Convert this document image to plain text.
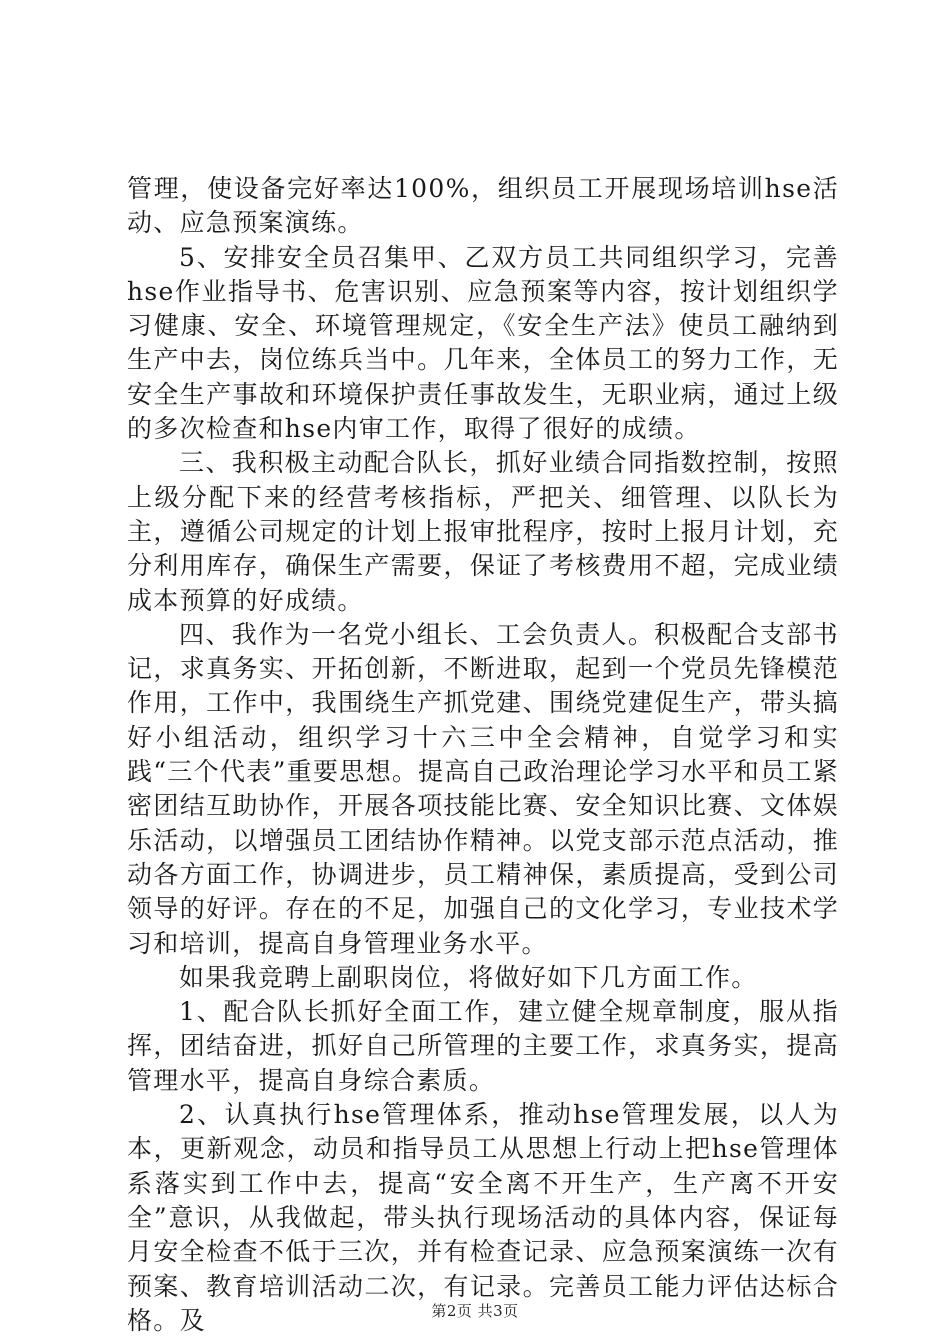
管理，使设备完好率达100%，组织员工开展现场培训hse活动、应急预案演练。

5、安排安全员召集甲、乙双方员工共同组织学习，完善hse作业指导书、危害识别、应急预案等内容，按计划组织学习健康、安全、环境管理规定，《安全生产法》使员工融纳到生产中去，岗位练兵当中。几年来，全体员工的努力工作，无安全生产事故和环境保护责任事故发生，无职业病，通过上级的多次检查和hse内审工作，取得了很好的成绩。

三、我积极主动配合队长，抓好业绩合同指数控制，按照上级分配下来的经营考核指标，严把关、细管理、以队长为主，遵循公司规定的计划上报审批程序，按时上报月计划，充分利用库存，确保生产需要，保证了考核费用不超，完成业绩成本预算的好成绩。

四、我作为一名党小组长、工会负责人。积极配合支部书记，求真务实、开拓创新，不断进取，起到一个党员先锋模范作用，工作中，我围绕生产抓党建、围绕党建促生产，带头搞好小组活动，组织学习十六三中全会精神，自觉学习和实践“三个代表”重要思想。提高自己政治理论学习水平和员工紧密团结互助协作，开展各项技能比赛、安全知识比赛、文体娱乐活动，以增强员工团结协作精神。以党支部示范点活动，推动各方面工作，协调进步，员工精神保，素质提高，受到公司领导的好评。存在的不足，加强自己的文化学习，专业技术学习和培训，提高自身管理业务水平。

如果我竞聘上副职岗位，将做好如下几方面工作。

1、配合队长抓好全面工作，建立健全规章制度，服从指挥，团结奋进，抓好自己所管理的主要工作，求真务实，提高管理水平，提高自身综合素质。

2、认真执行hse管理体系，推动hse管理发展，以人为本，更新观念，动员和指导员工从思想上行动上把hse管理体系落实到工作中去，提高“安全离不开生产，生产离不开安全”意识，从我做起，带头执行现场活动的具体内容，保证每月安全检查不低于三次，并有检查记录、应急预案演练一次有预案、教育培训活动二次，有记录。完善员工能力评估达标合格。及	第2页 共3页
